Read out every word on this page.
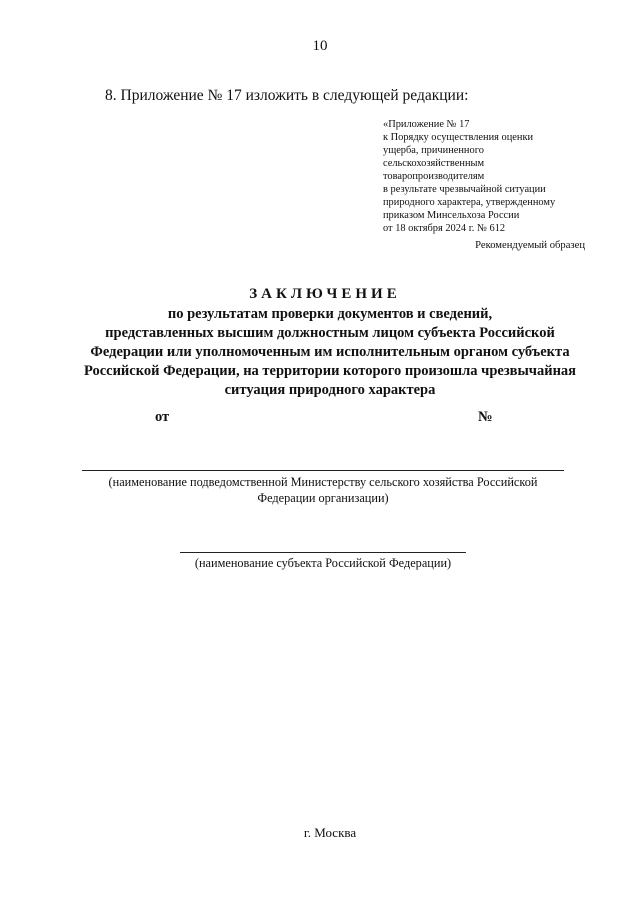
10
8. Приложение № 17 изложить в следующей редакции:
«Приложение № 17
к Порядку осуществления оценки
ущерба, причиненного
сельскохозяйственным
товаропроизводителям
в результате чрезвычайной ситуации
природного характера, утвержденному
приказом Минсельхоза России
от 18 октября 2024 г. № 612
Рекомендуемый образец
ЗАКЛЮЧЕНИЕ
по результатам проверки документов и сведений,
представленных высшим должностным лицом субъекта Российской
Федерации или уполномоченным им исполнительным органом субъекта
Российской Федерации, на территории которого произошла чрезвычайная
ситуация природного характера
от	№
(наименование подведомственной Министерству сельского хозяйства Российской
Федерации организации)
(наименование субъекта Российской Федерации)
г. Москва
